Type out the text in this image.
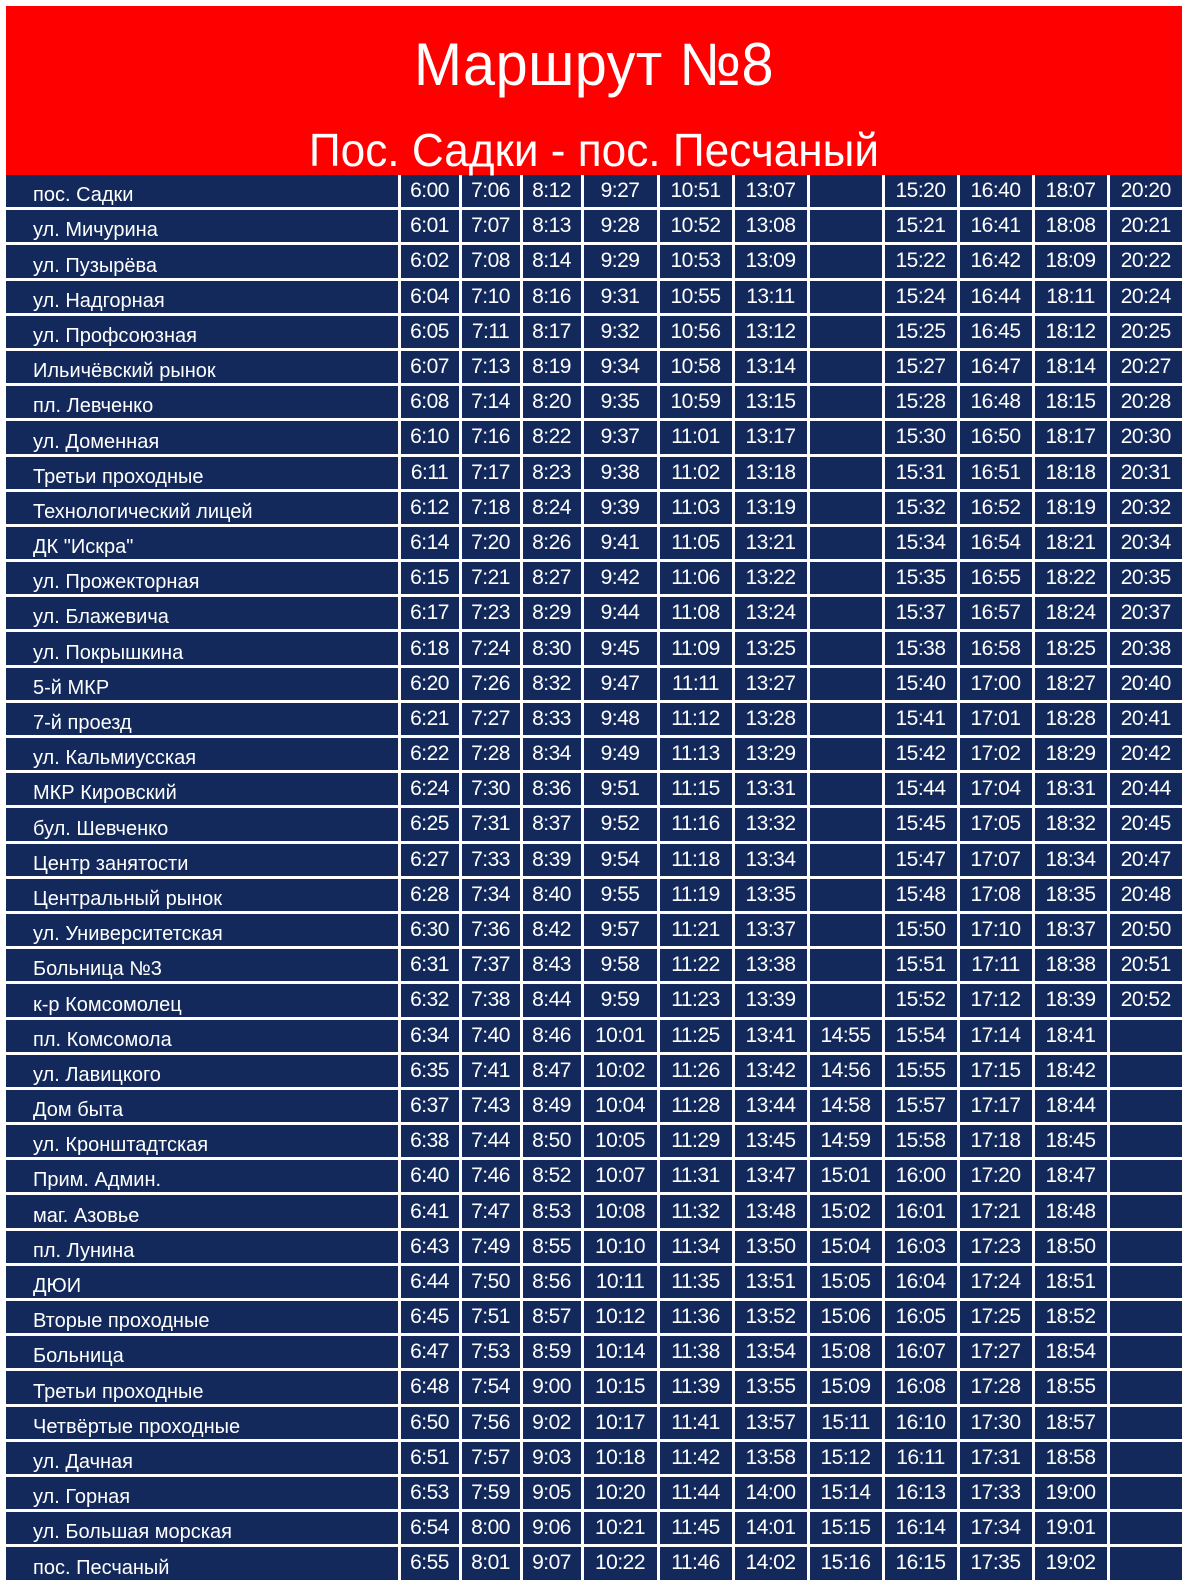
Маршрут №8
Пос. Садки - пос. Песчаный
пос. Садки	6:00	7:06	8:12	9:27	10:51	13:07		15:20	16:40	18:07	20:20
ул. Мичурина	6:01	7:07	8:13	9:28	10:52	13:08		15:21	16:41	18:08	20:21
ул. Пузырёва	6:02	7:08	8:14	9:29	10:53	13:09		15:22	16:42	18:09	20:22
ул. Надгорная	6:04	7:10	8:16	9:31	10:55	13:11		15:24	16:44	18:11	20:24
ул. Профсоюзная	6:05	7:11	8:17	9:32	10:56	13:12		15:25	16:45	18:12	20:25
Ильичёвский рынок	6:07	7:13	8:19	9:34	10:58	13:14		15:27	16:47	18:14	20:27
пл. Левченко	6:08	7:14	8:20	9:35	10:59	13:15		15:28	16:48	18:15	20:28
ул. Доменная	6:10	7:16	8:22	9:37	11:01	13:17		15:30	16:50	18:17	20:30
Третьи проходные	6:11	7:17	8:23	9:38	11:02	13:18		15:31	16:51	18:18	20:31
Технологический лицей	6:12	7:18	8:24	9:39	11:03	13:19		15:32	16:52	18:19	20:32
ДК "Искра"	6:14	7:20	8:26	9:41	11:05	13:21		15:34	16:54	18:21	20:34
ул. Прожекторная	6:15	7:21	8:27	9:42	11:06	13:22		15:35	16:55	18:22	20:35
ул. Блажевича	6:17	7:23	8:29	9:44	11:08	13:24		15:37	16:57	18:24	20:37
ул. Покрышкина	6:18	7:24	8:30	9:45	11:09	13:25		15:38	16:58	18:25	20:38
5-й МКР	6:20	7:26	8:32	9:47	11:11	13:27		15:40	17:00	18:27	20:40
7-й проезд	6:21	7:27	8:33	9:48	11:12	13:28		15:41	17:01	18:28	20:41
ул. Кальмиусская	6:22	7:28	8:34	9:49	11:13	13:29		15:42	17:02	18:29	20:42
МКР Кировский	6:24	7:30	8:36	9:51	11:15	13:31		15:44	17:04	18:31	20:44
бул. Шевченко	6:25	7:31	8:37	9:52	11:16	13:32		15:45	17:05	18:32	20:45
Центр занятости	6:27	7:33	8:39	9:54	11:18	13:34		15:47	17:07	18:34	20:47
Центральный рынок	6:28	7:34	8:40	9:55	11:19	13:35		15:48	17:08	18:35	20:48
ул. Университетская	6:30	7:36	8:42	9:57	11:21	13:37		15:50	17:10	18:37	20:50
Больница №3	6:31	7:37	8:43	9:58	11:22	13:38		15:51	17:11	18:38	20:51
к-р Комсомолец	6:32	7:38	8:44	9:59	11:23	13:39		15:52	17:12	18:39	20:52
пл. Комсомола	6:34	7:40	8:46	10:01	11:25	13:41	14:55	15:54	17:14	18:41	
ул. Лавицкого	6:35	7:41	8:47	10:02	11:26	13:42	14:56	15:55	17:15	18:42	
Дом быта	6:37	7:43	8:49	10:04	11:28	13:44	14:58	15:57	17:17	18:44	
ул. Кронштадтская	6:38	7:44	8:50	10:05	11:29	13:45	14:59	15:58	17:18	18:45	
Прим. Админ.	6:40	7:46	8:52	10:07	11:31	13:47	15:01	16:00	17:20	18:47	
маг. Азовье	6:41	7:47	8:53	10:08	11:32	13:48	15:02	16:01	17:21	18:48	
пл. Лунина	6:43	7:49	8:55	10:10	11:34	13:50	15:04	16:03	17:23	18:50	
ДЮИ	6:44	7:50	8:56	10:11	11:35	13:51	15:05	16:04	17:24	18:51	
Вторые проходные	6:45	7:51	8:57	10:12	11:36	13:52	15:06	16:05	17:25	18:52	
Больница	6:47	7:53	8:59	10:14	11:38	13:54	15:08	16:07	17:27	18:54	
Третьи проходные	6:48	7:54	9:00	10:15	11:39	13:55	15:09	16:08	17:28	18:55	
Четвёртые проходные	6:50	7:56	9:02	10:17	11:41	13:57	15:11	16:10	17:30	18:57	
ул. Дачная	6:51	7:57	9:03	10:18	11:42	13:58	15:12	16:11	17:31	18:58	
ул. Горная	6:53	7:59	9:05	10:20	11:44	14:00	15:14	16:13	17:33	19:00	
ул. Большая морская	6:54	8:00	9:06	10:21	11:45	14:01	15:15	16:14	17:34	19:01	
пос. Песчаный	6:55	8:01	9:07	10:22	11:46	14:02	15:16	16:15	17:35	19:02	
